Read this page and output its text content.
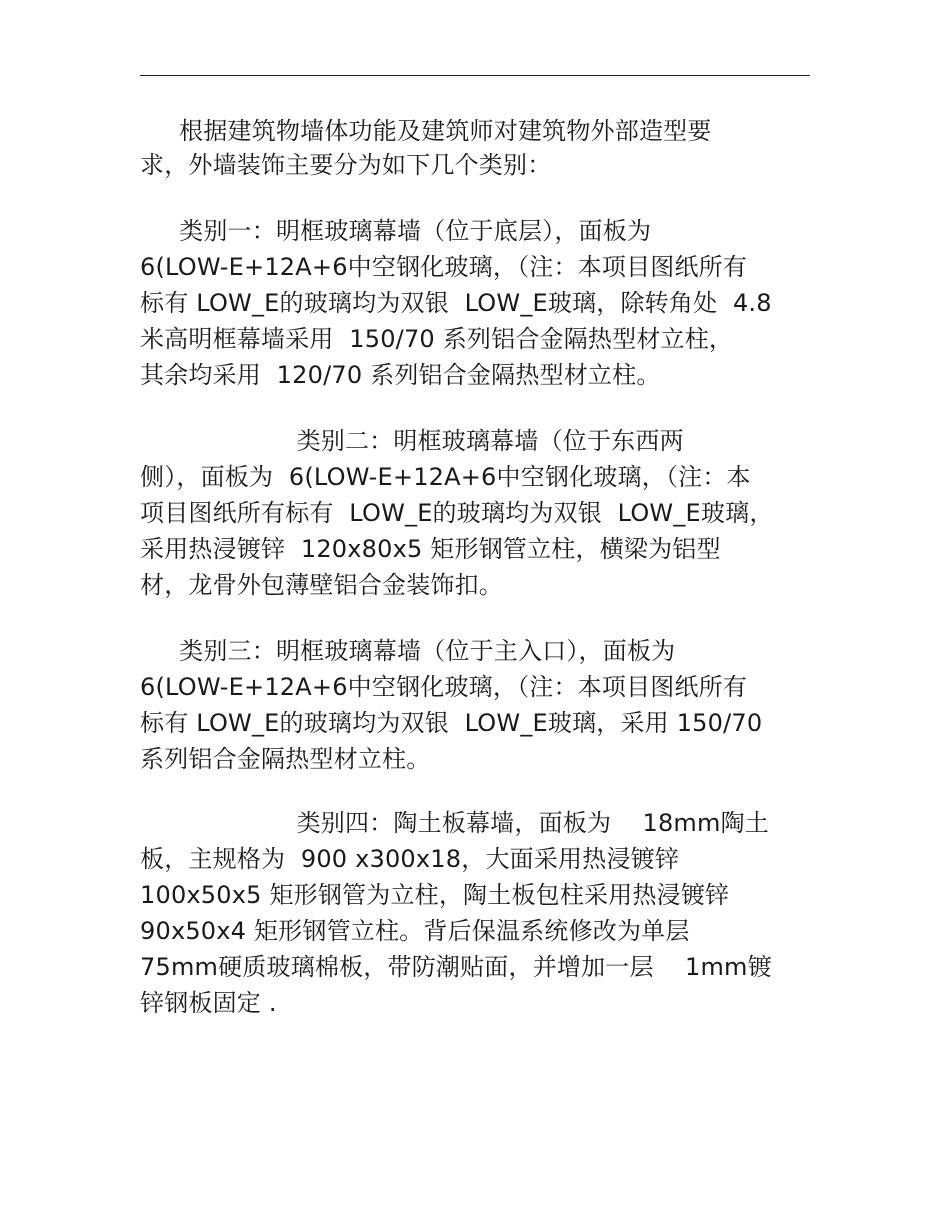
根据建筑物墙体功能及建筑师对建筑物外部造型要
求，外墙装饰主要分为如下几个类别：
类别一：明框玻璃幕墙（位于底层），面板为
6(LOW-E+12A+6中空钢化玻璃，（注：本项目图纸所有
标有 LOW_E的玻璃均为双银  LOW_E玻璃，除转角处  4.8
米高明框幕墙采用  150/70 系列铝合金隔热型材立柱，
其余均采用  120/70 系列铝合金隔热型材立柱。
类别二：明框玻璃幕墙（位于东西两
侧），面板为  6(LOW-E+12A+6中空钢化玻璃，（注：本
项目图纸所有标有  LOW_E的玻璃均为双银  LOW_E玻璃，
采用热浸镀锌  120x80x5 矩形钢管立柱，横梁为铝型
材，龙骨外包薄壁铝合金装饰扣。
类别三：明框玻璃幕墙（位于主入口），面板为
6(LOW-E+12A+6中空钢化玻璃，（注：本项目图纸所有
标有 LOW_E的玻璃均为双银  LOW_E玻璃，采用 150/70
系列铝合金隔热型材立柱。
类别四：陶土板幕墙，面板为    18mm陶土
板，主规格为  900 x300x18，大面采用热浸镀锌
100x50x5 矩形钢管为立柱，陶土板包柱采用热浸镀锌
90x50x4 矩形钢管立柱。背后保温系统修改为单层
75mm硬质玻璃棉板，带防潮贴面，并增加一层    1mm镀
锌钢板固定 .
